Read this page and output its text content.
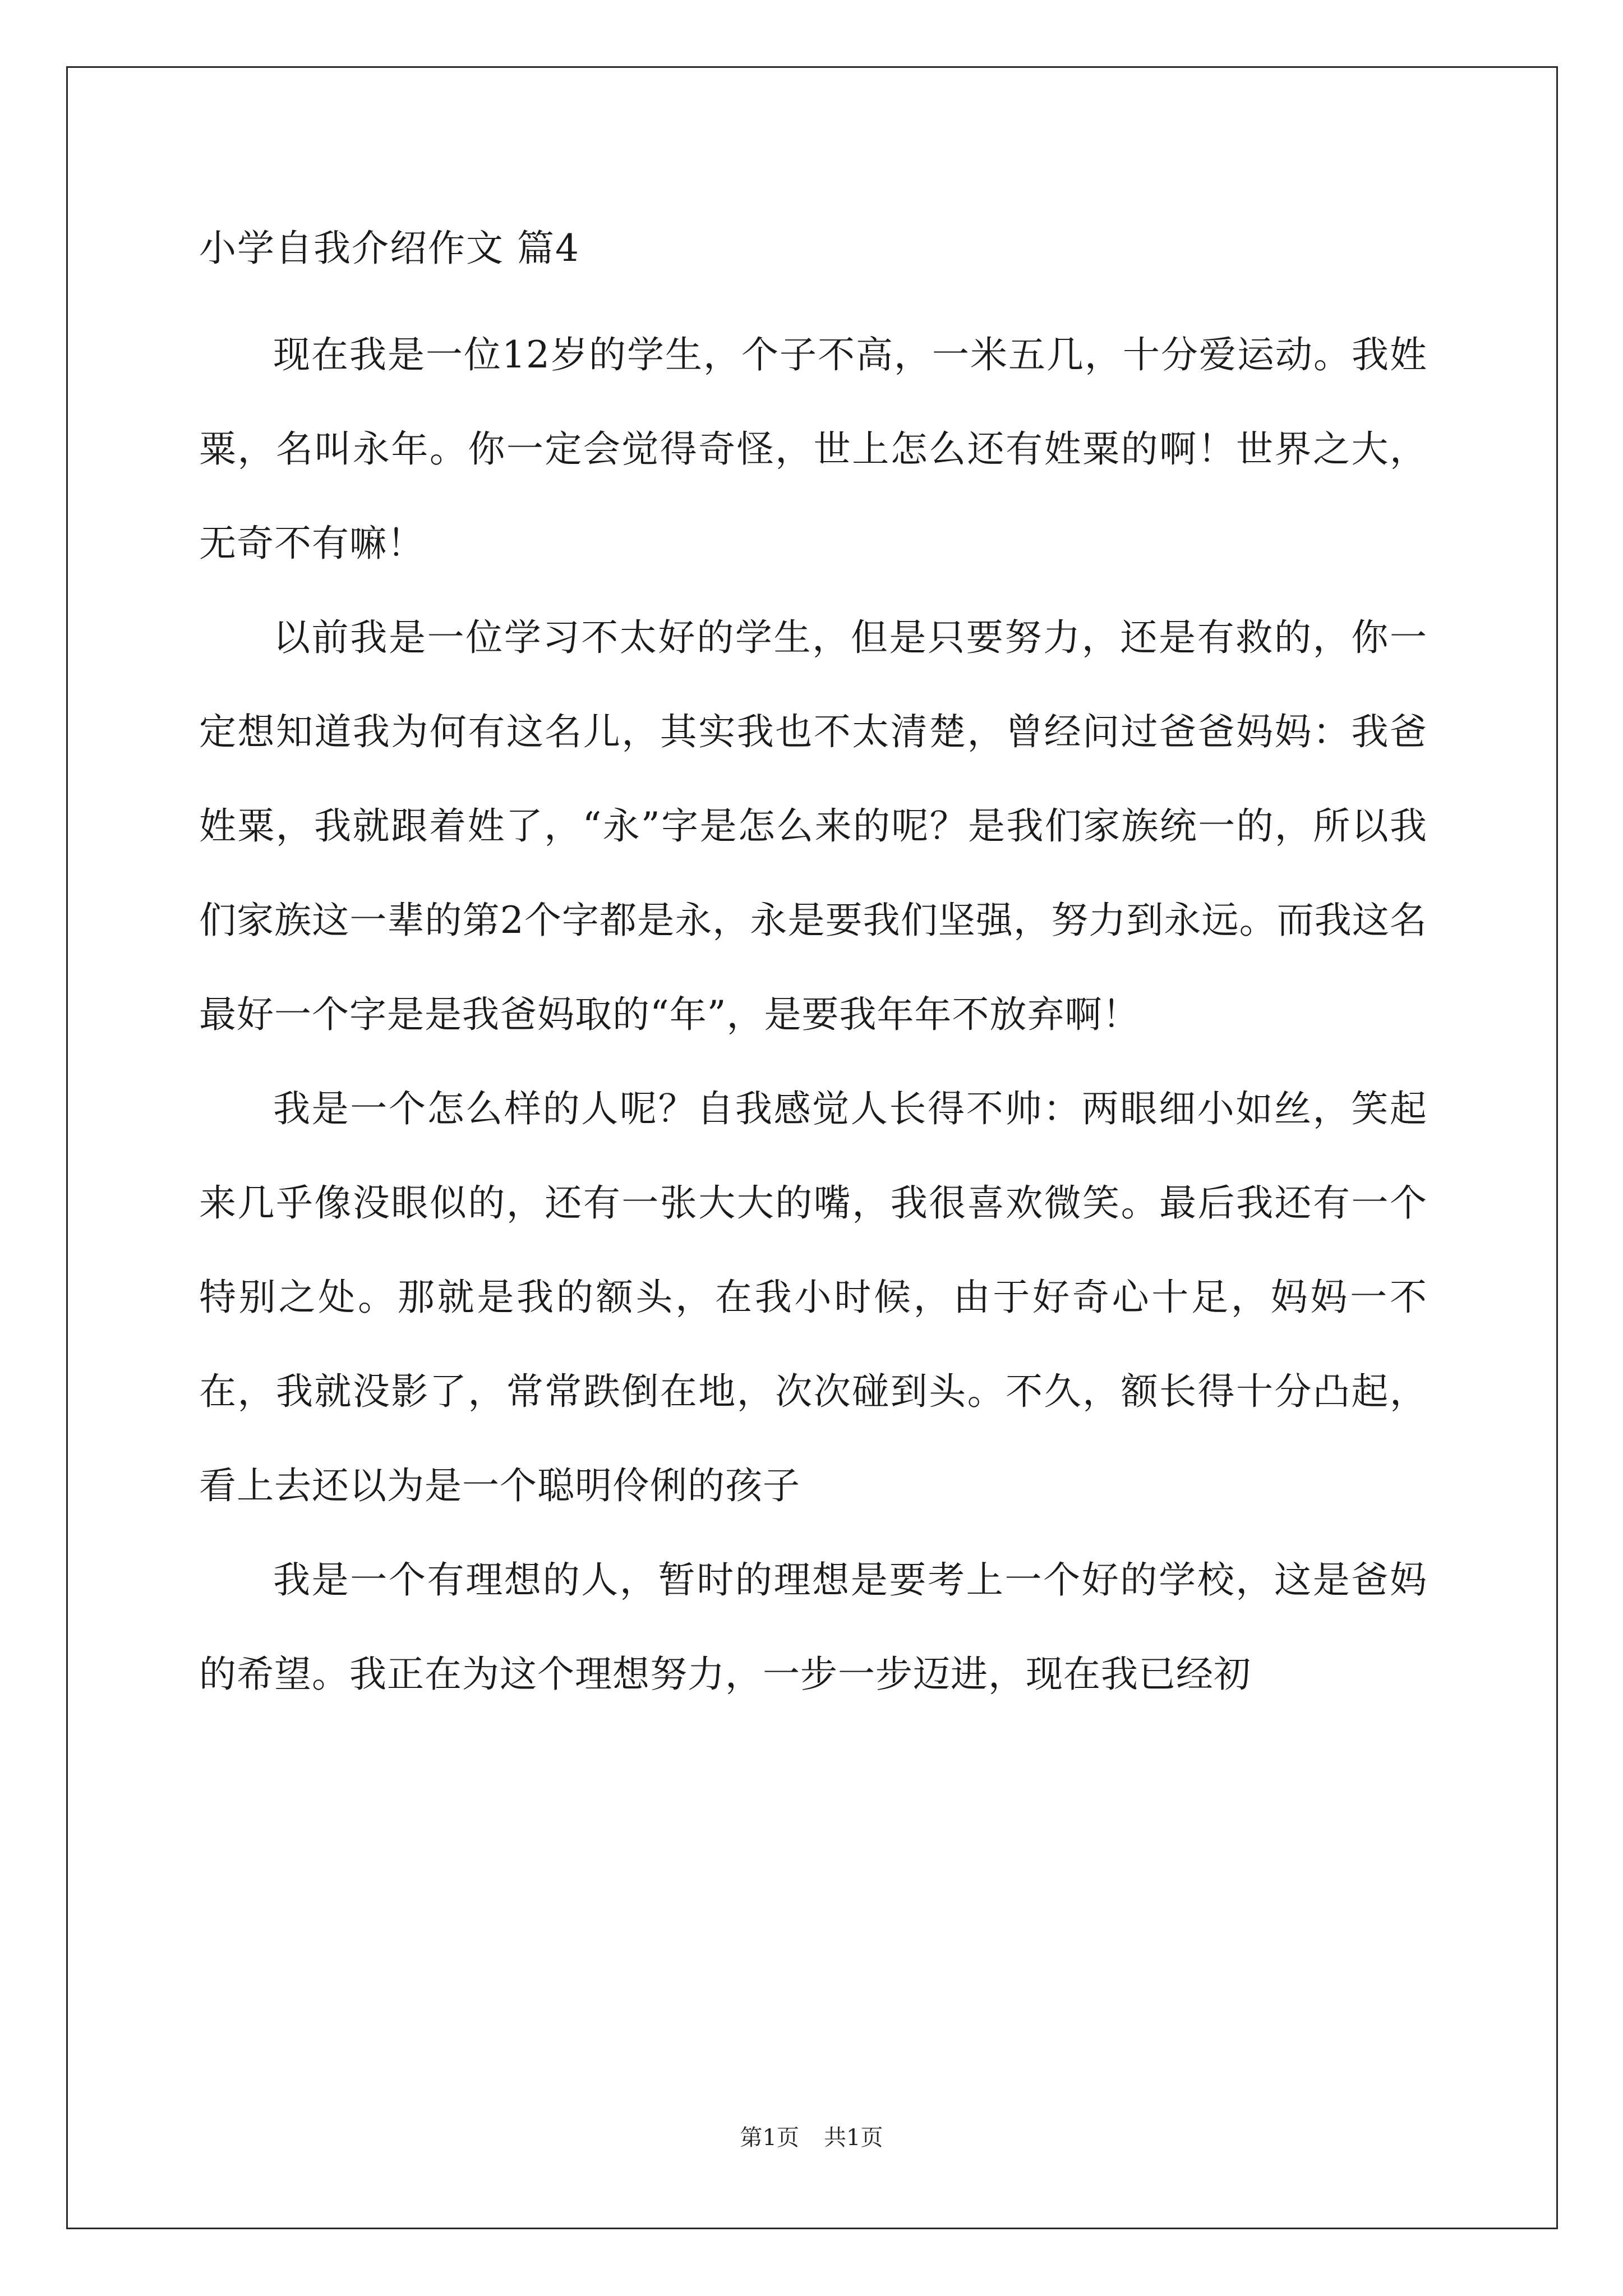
小学自我介绍作文 篇4

现在我是一位12岁的学生，个子不高，一米五几，十分爱运动。我姓粟，名叫永年。你一定会觉得奇怪，世上怎么还有姓粟的啊！世界之大，无奇不有嘛！

以前我是一位学习不太好的学生，但是只要努力，还是有救的，你一定想知道我为何有这名儿，其实我也不太清楚，曾经问过爸爸妈妈：我爸姓粟，我就跟着姓了，“永”字是怎么来的呢？是我们家族统一的，所以我们家族这一辈的第2个字都是永，永是要我们坚强，努力到永远。而我这名最好一个字是是我爸妈取的“年”，是要我年年不放弃啊！

我是一个怎么样的人呢？自我感觉人长得不帅：两眼细小如丝，笑起来几乎像没眼似的，还有一张大大的嘴，我很喜欢微笑。最后我还有一个特别之处。那就是我的额头，在我小时候，由于好奇心十足，妈妈一不在，我就没影了，常常跌倒在地，次次碰到头。不久，额长得十分凸起，看上去还以为是一个聪明伶俐的孩子

我是一个有理想的人，暂时的理想是要考上一个好的学校，这是爸妈的希望。我正在为这个理想努力，一步一步迈进，现在我已经初

第1页 共1页
